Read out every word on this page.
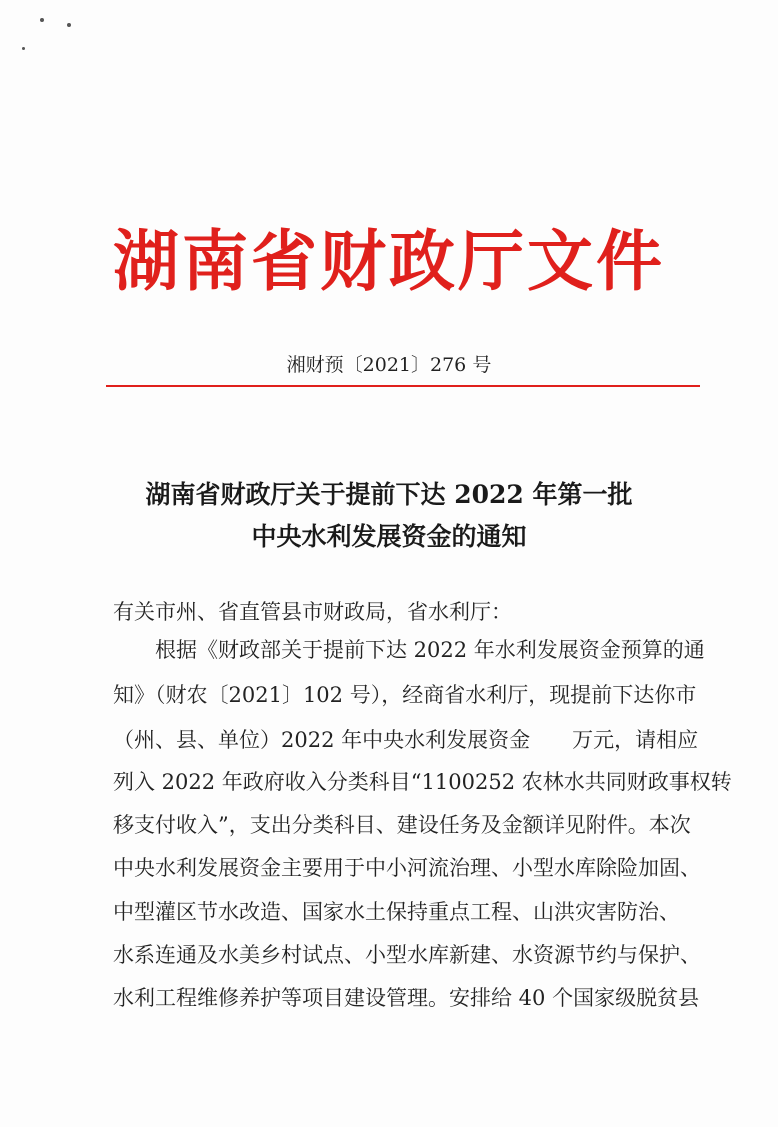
湖南省财政厅文件
湘财预〔2021〕276 号
湖南省财政厅关于提前下达 2022 年第一批
中央水利发展资金的通知
有关市州、省直管县市财政局，省水利厅：
根据《财政部关于提前下达 2022 年水利发展资金预算的通
知》（财农〔2021〕102 号），经商省水利厅，现提前下达你市
（州、县、单位）2022 年中央水利发展资金　　万元，请相应
列入 2022 年政府收入分类科目“1100252 农林水共同财政事权转
移支付收入”，支出分类科目、建设任务及金额详见附件。本次
中央水利发展资金主要用于中小河流治理、小型水库除险加固、
中型灌区节水改造、国家水土保持重点工程、山洪灾害防治、
水系连通及水美乡村试点、小型水库新建、水资源节约与保护、
水利工程维修养护等项目建设管理。安排给 40 个国家级脱贫县
